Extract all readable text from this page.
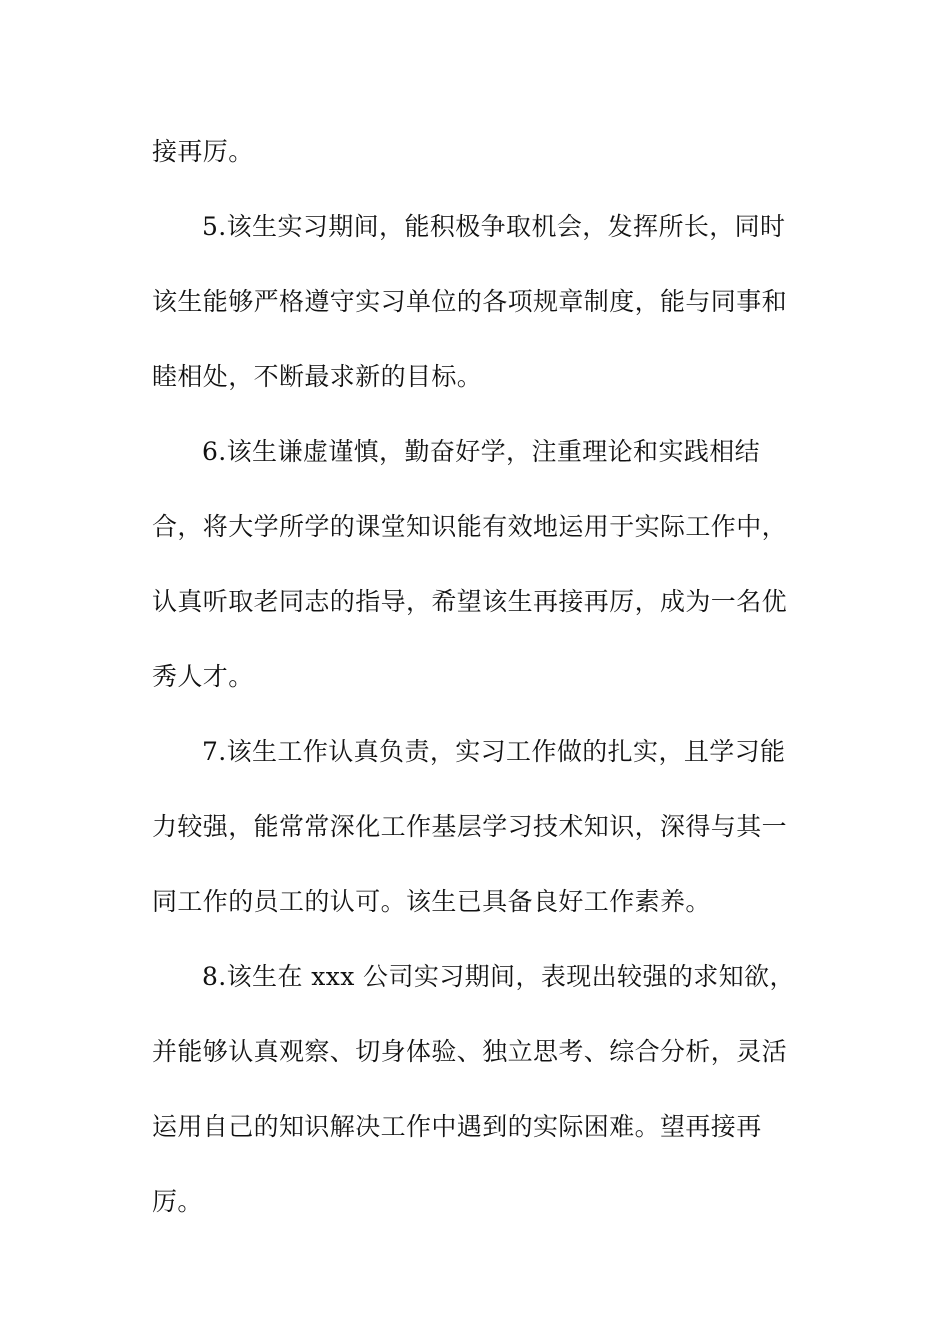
接再厉。
5.该生实习期间，能积极争取机会，发挥所长，同时
该生能够严格遵守实习单位的各项规章制度，能与同事和
睦相处，不断最求新的目标。
6.该生谦虚谨慎，勤奋好学，注重理论和实践相结
合，将大学所学的课堂知识能有效地运用于实际工作中，
认真听取老同志的指导，希望该生再接再厉，成为一名优
秀人才。
7.该生工作认真负责，实习工作做的扎实，且学习能
力较强，能常常深化工作基层学习技术知识，深得与其一
同工作的员工的认可。该生已具备良好工作素养。
8.该生在 xxx 公司实习期间，表现出较强的求知欲，
并能够认真观察、切身体验、独立思考、综合分析，灵活
运用自己的知识解决工作中遇到的实际困难。望再接再
厉。
